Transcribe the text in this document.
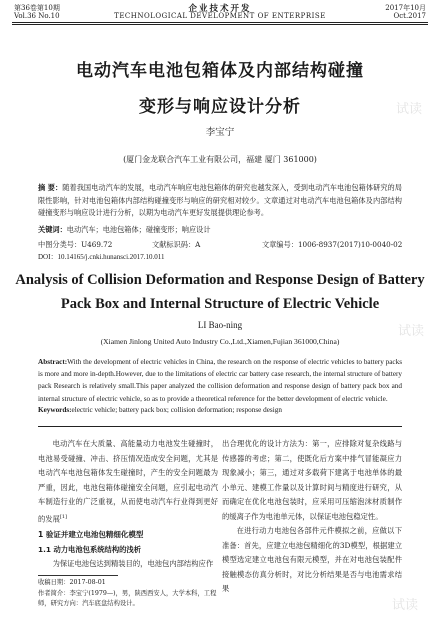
第36卷第10期
Vol.36 No.10
企业技术开发
TECHNOLOGICAL DEVELOPMENT OF ENTERPRISE
2017年10月
Oct.2017
电动汽车电池包箱体及内部结构碰撞
变形与响应设计分析
李宝宁
(厦门金龙联合汽车工业有限公司，福建 厦门 361000)
摘 要：随着我国电动汽车的发展，电动汽车响应电池包箱体的研究也越发深入，受到电动汽车电池包箱体研究的局限性影响，针对电池包箱体内部结构碰撞变形与响应的研究相对较少。文章通过对电动汽车电池包箱体及内部结构碰撞变形与响应设计进行分析，以期为电动汽车更好发展提供理论参考。
关键词：电动汽车；电池包箱体；碰撞变形；响应设计
中图分类号：U469.72	文献标识码：A	文章编号：1006-8937(2017)10-0040-02
DOI：10.14165/j.cnki.hunansci.2017.10.011
Analysis of Collision Deformation and Response Design of Battery
Pack Box and Internal Structure of Electric Vehicle
LI Bao-ning
(Xiamen Jinlong United Auto Industry Co.,Ltd.,Xiamen,Fujian 361000,China)
Abstract:With the development of electric vehicles in China, the research on the response of electric vehicles to battery packs is more and more in-depth.However, due to the limitations of electric car battery case research, the internal structure of battery pack Research is relatively small.This paper analyzed the collision deformation and response design of battery pack box and internal structure of electric vehicle, so as to provide a theoretical reference for the better development of electric vehicle.
Keywords:electric vehicle; battery pack box; collision deformation; response design

电动汽车在大质量、高能量动力电池发生碰撞时，电池易受碰撞、冲击、挤压情况造成安全问题，尤其是电动汽车电池包箱体发生碰撞时，产生的安全问题最为严重，因此，电池包箱体碰撞安全问题，应引起电动汽车制造行业的广泛重视，从而使电动汽车行业得到更好的发展[1]

1 验证并建立电池包精细化模型
1.1 动力电池包系统结构的浅析

为保证电池包达到精装目的，电池包内部结构应作

出合理优化的设计方法为：第一，应排除对复杂线路与传感器的考虑；第二，使既化后方案中排气冒能凝应力现象减小；第三，通过对多载荷下建离于电池单体的最小单元、建模工作量以及计算时间与精度进行研究，从而确定在优化电池包装时，应采用可压缩泡沫材质制作的缓离子作为电池单元体，以保证电池包稳定性。

在进行动力电池包各部件元件模拟之前，应做以下准备：首先，应建立电池包精细化的3D模型，根据建立模型选定建立电池包有限元模型，并在对电池包装配件接触模态仿真分析时，对比分析结果是否与电池需求结果

收稿日期：2017-08-01
作者简介：李宝宁(1979—)，男，陕西西安人，大学本科，工程师，研究方向：汽车底盘结构设计。
试读
试读
试读
